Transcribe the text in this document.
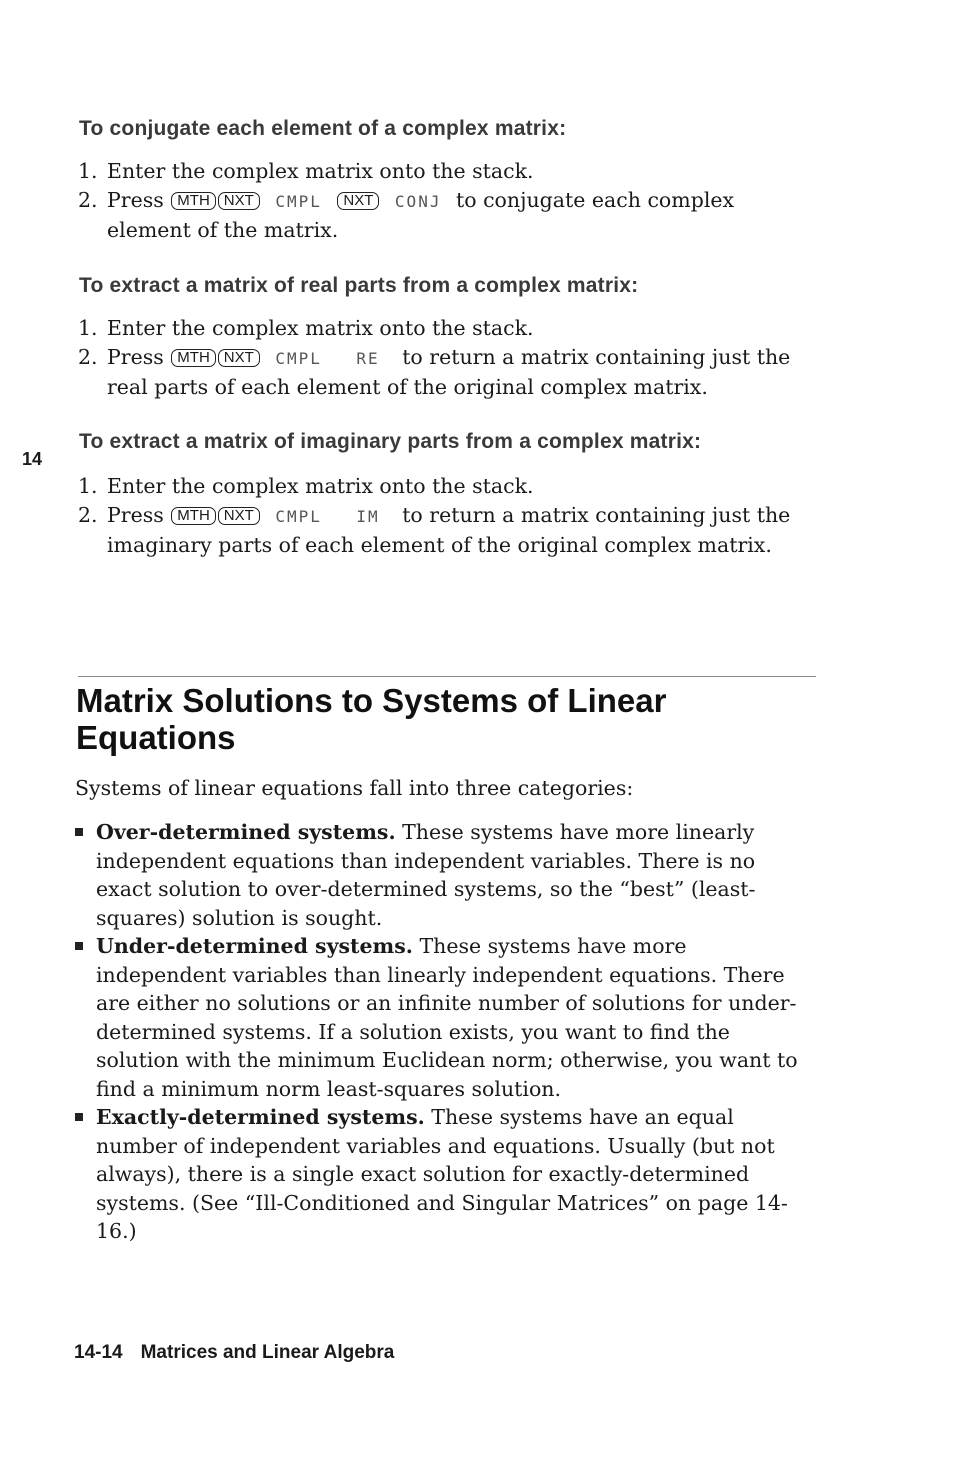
To conjugate each element of a complex matrix:
1. Enter the complex matrix onto the stack.
2. Press MTH NXT CMPL NXT CONJ to conjugate each complex element of the matrix.
To extract a matrix of real parts from a complex matrix:
1. Enter the complex matrix onto the stack.
2. Press MTH NXT CMPL RE to return a matrix containing just the real parts of each element of the original complex matrix.
14
To extract a matrix of imaginary parts from a complex matrix:
1. Enter the complex matrix onto the stack.
2. Press MTH NXT CMPL IM to return a matrix containing just the imaginary parts of each element of the original complex matrix.
Matrix Solutions to Systems of Linear Equations

Systems of linear equations fall into three categories:

Over-determined systems. These systems have more linearly independent equations than independent variables. There is no exact solution to over-determined systems, so the “best” (least-squares) solution is sought.
Under-determined systems. These systems have more independent variables than linearly independent equations. There are either no solutions or an infinite number of solutions for under-determined systems. If a solution exists, you want to find the solution with the minimum Euclidean norm; otherwise, you want to find a minimum norm least-squares solution.
Exactly-determined systems. These systems have an equal number of independent variables and equations. Usually (but not always), there is a single exact solution for exactly-determined systems. (See “Ill-Conditioned and Singular Matrices” on page 14-16.)
14-14 Matrices and Linear Algebra
